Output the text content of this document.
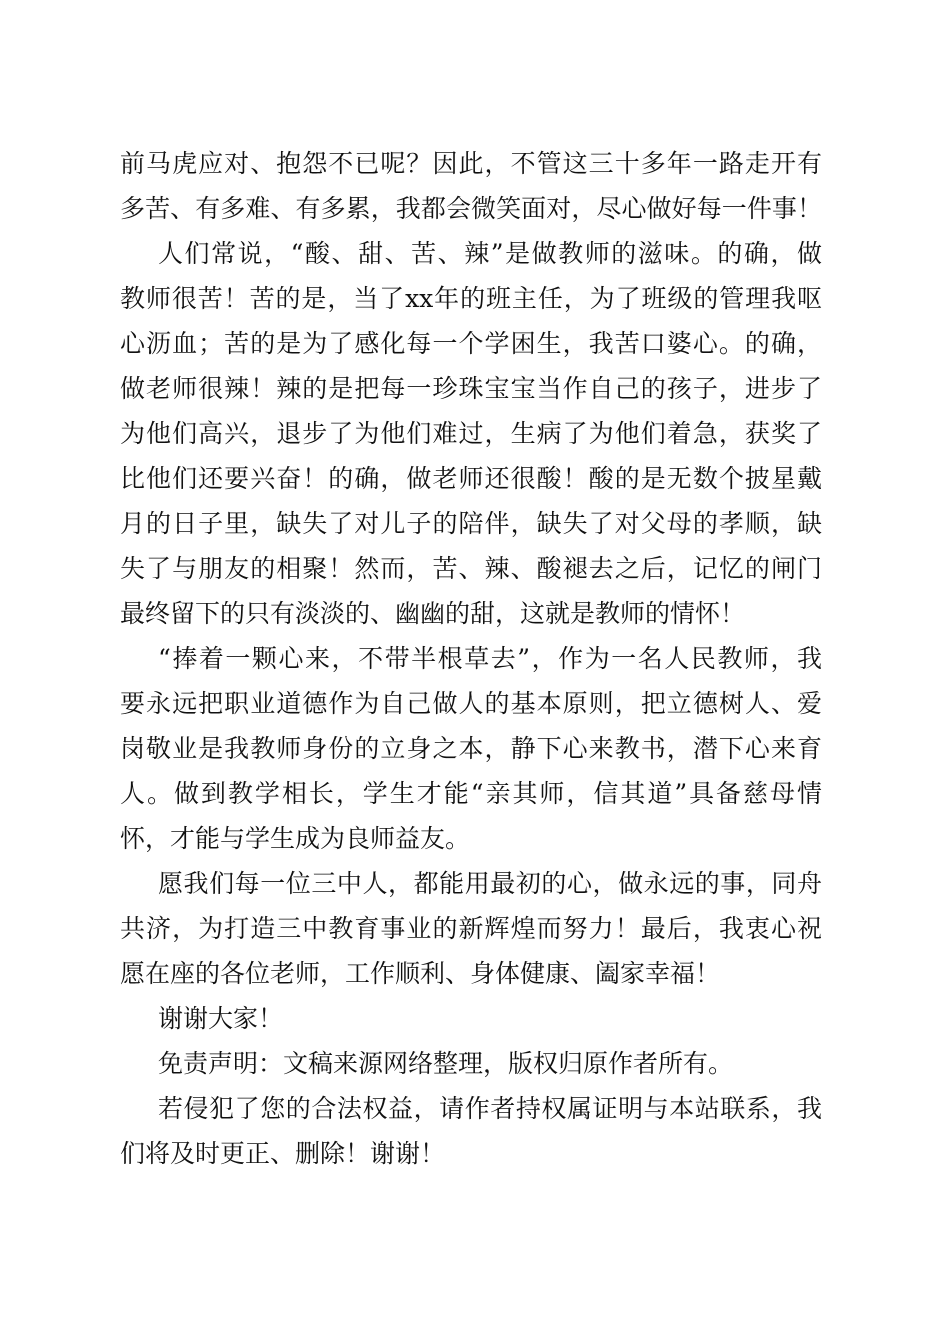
前马虎应对、抱怨不已呢？因此，不管这三十多年一路走开有
多苦、有多难、有多累，我都会微笑面对，尽心做好每一件事！
人们常说，“酸、甜、苦、辣”是做教师的滋味。的确，做
教师很苦！苦的是，当了xx年的班主任，为了班级的管理我呕
心沥血；苦的是为了感化每一个学困生，我苦口婆心。的确，
做老师很辣！辣的是把每一珍珠宝宝当作自己的孩子，进步了
为他们高兴，退步了为他们难过，生病了为他们着急，获奖了
比他们还要兴奋！的确，做老师还很酸！酸的是无数个披星戴
月的日子里，缺失了对儿子的陪伴，缺失了对父母的孝顺，缺
失了与朋友的相聚！然而，苦、辣、酸褪去之后，记忆的闸门
最终留下的只有淡淡的、幽幽的甜，这就是教师的情怀！
“捧着一颗心来，不带半根草去”，作为一名人民教师，我
要永远把职业道德作为自己做人的基本原则，把立德树人、爱
岗敬业是我教师身份的立身之本，静下心来教书，潜下心来育
人。做到教学相长，学生才能“亲其师，信其道”具备慈母情
怀，才能与学生成为良师益友。
愿我们每一位三中人，都能用最初的心，做永远的事，同舟
共济，为打造三中教育事业的新辉煌而努力！最后，我衷心祝
愿在座的各位老师，工作顺利、身体健康、阖家幸福！
谢谢大家！
免责声明：文稿来源网络整理，版权归原作者所有。
若侵犯了您的合法权益，请作者持权属证明与本站联系，我
们将及时更正、删除！谢谢！
